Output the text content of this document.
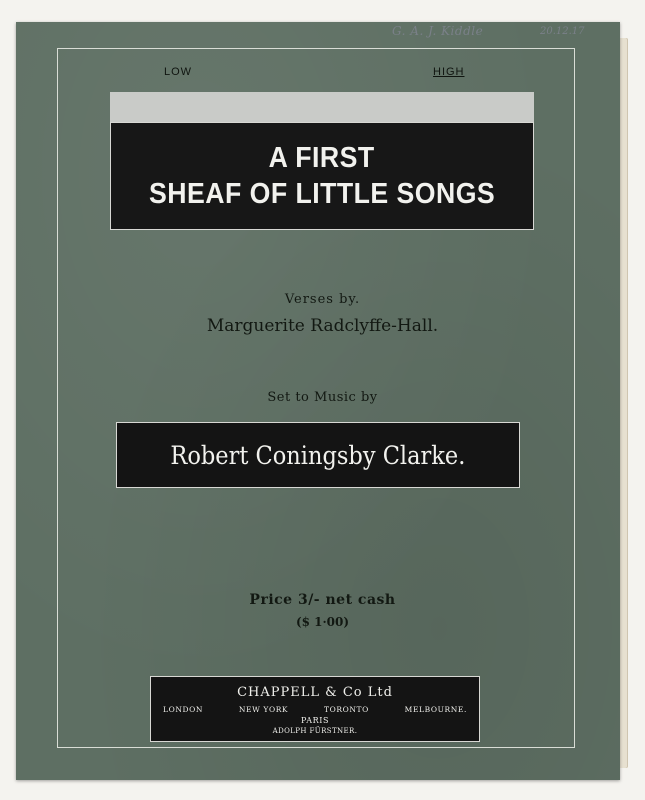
G. A. J. Kiddle	20.12.17
LOW	HIGH
A FIRST
SHEAF OF LITTLE SONGS
Verses by.
Marguerite Radclyffe-Hall.
Set to Music by
Robert Coningsby Clarke.
Price 3/- net cash
($ 1·00)
CHAPPELL & Co Ltd
LONDON	NEW YORK	TORONTO	MELBOURNE.
PARIS
ADOLPH FÜRSTNER.
